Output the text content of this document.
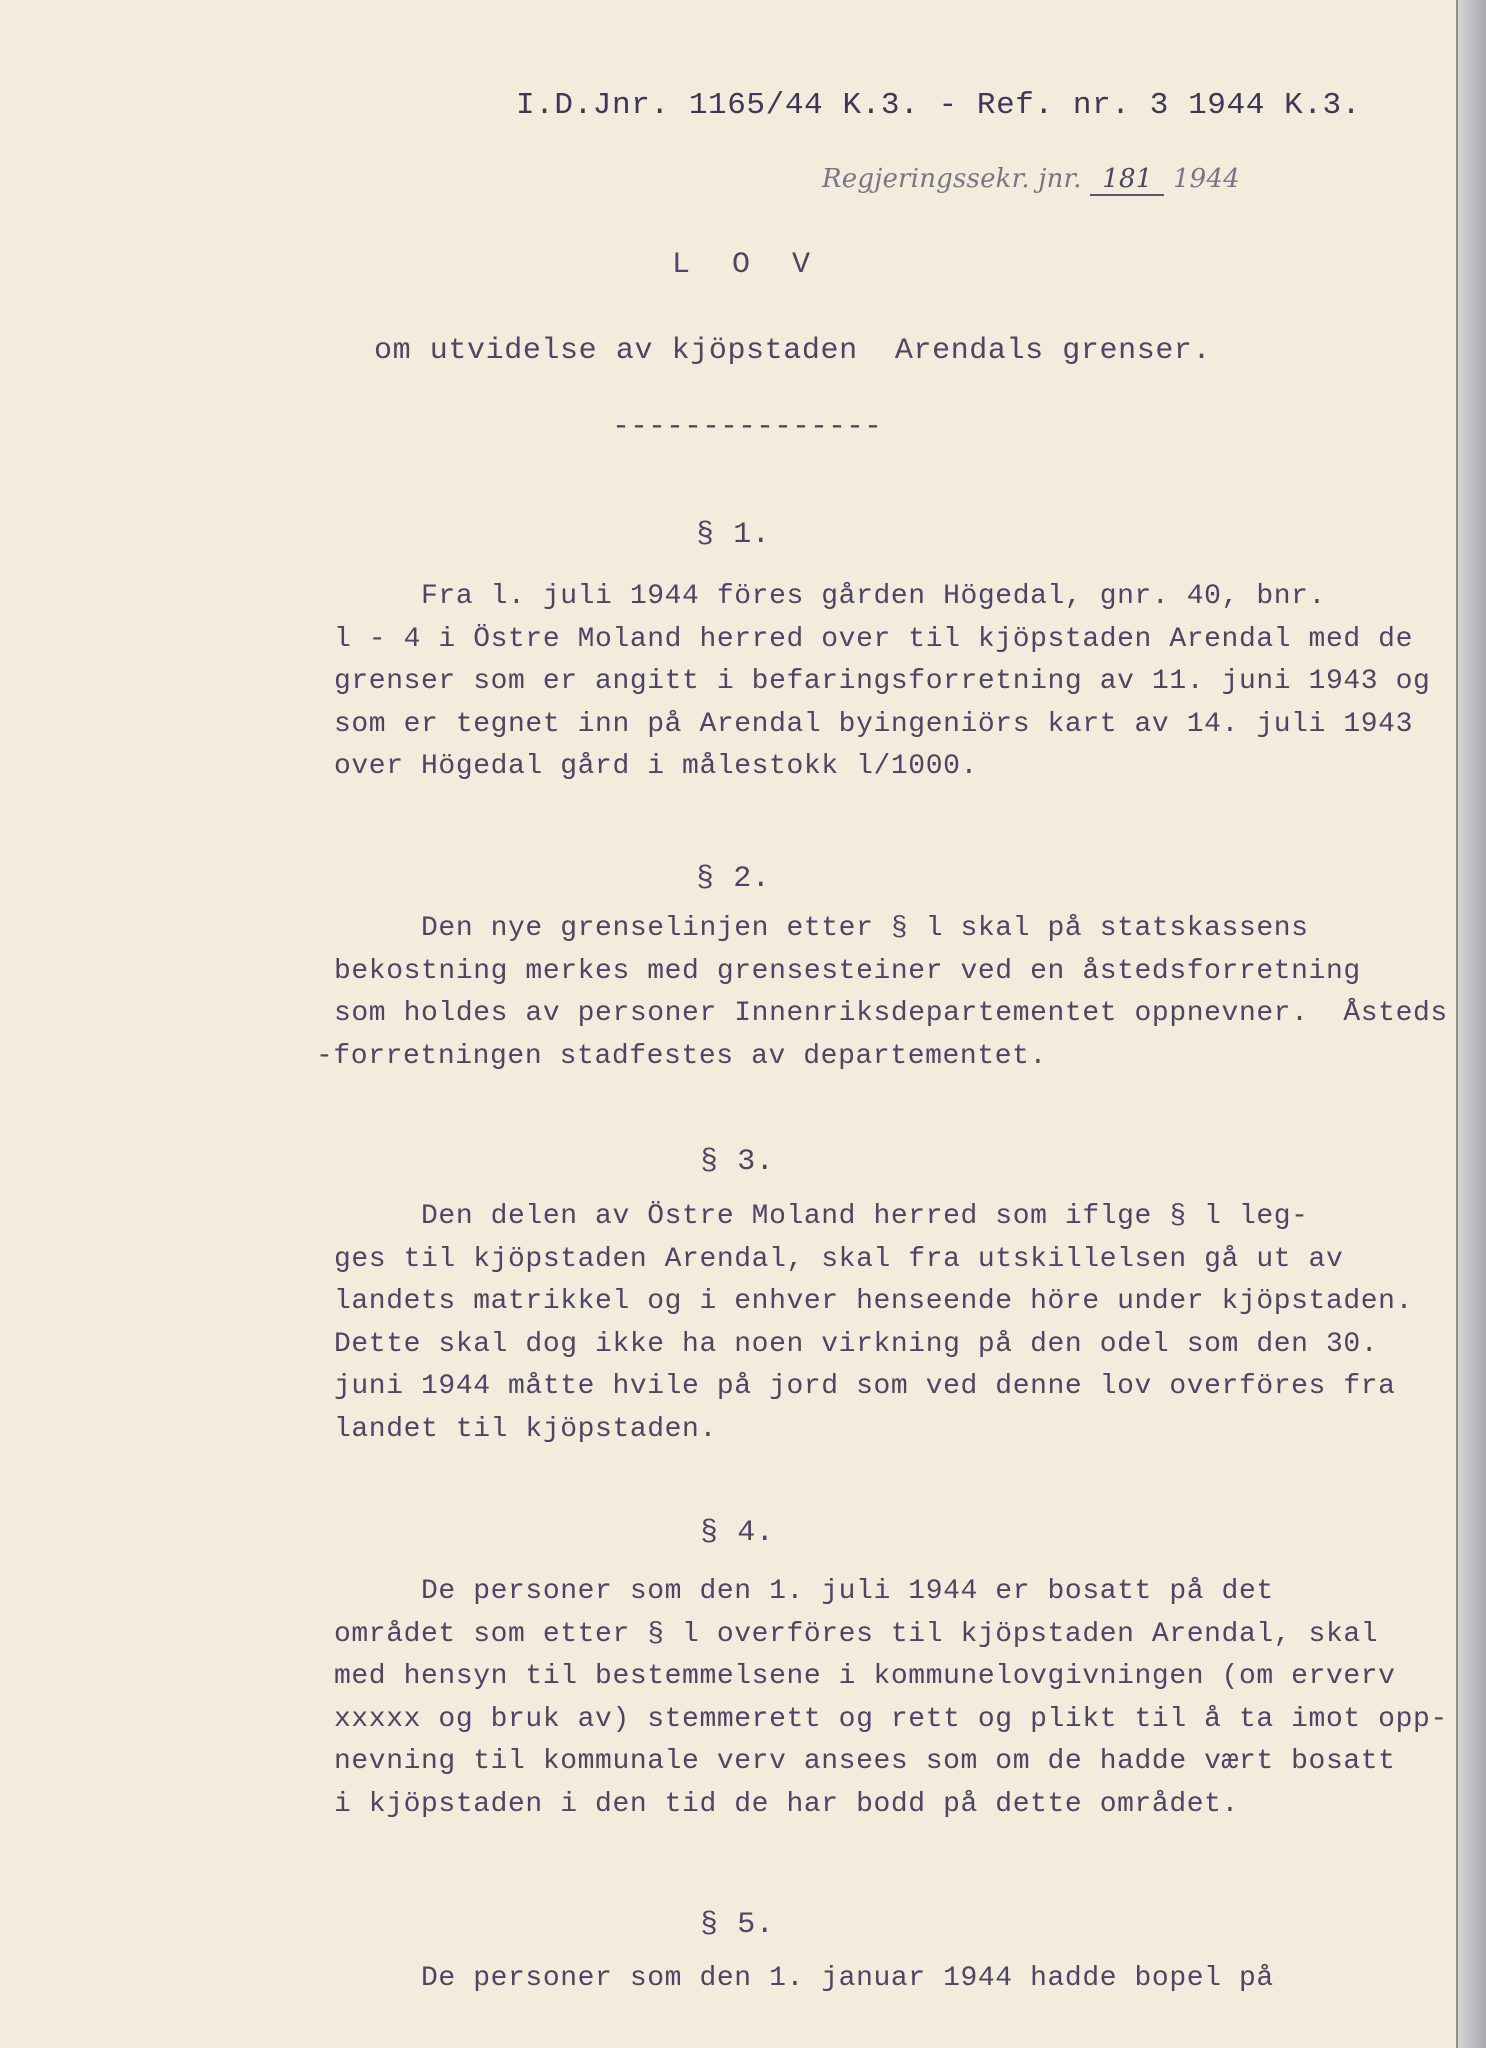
I.D.Jnr. 1165/44 K.3. - Ref. nr. 3 1944 K.3.
Regjeringssekr. jnr. 181 1944
L O V
om utvidelse av kjöpstaden  Arendals grenser.
---------------
§ 1.
Fra l. juli 1944 föres gården Högedal, gnr. 40, bnr.
l - 4 i Östre Moland herred over til kjöpstaden Arendal med de
grenser som er angitt i befaringsforretning av 11. juni 1943 og
som er tegnet inn på Arendal byingeniörs kart av 14. juli 1943
over Högedal gård i målestokk l/1000.
§ 2.
Den nye grenselinjen etter § l skal på statskassens
bekostning merkes med grensesteiner ved en åstedsforretning
som holdes av personer Innenriksdepartementet oppnevner.  Åsteds
-forretningen stadfestes av departementet.
§ 3.
Den delen av Östre Moland herred som iflge § l leg-
ges til kjöpstaden Arendal, skal fra utskillelsen gå ut av
landets matrikkel og i enhver henseende höre under kjöpstaden.
Dette skal dog ikke ha noen virkning på den odel som den 30.
juni 1944 måtte hvile på jord som ved denne lov overföres fra
landet til kjöpstaden.
§ 4.
De personer som den 1. juli 1944 er bosatt på det
området som etter § l overföres til kjöpstaden Arendal, skal
med hensyn til bestemmelsene i kommunelovgivningen (om erverv
xxxxx og bruk av) stemmerett og rett og plikt til å ta imot opp-
nevning til kommunale verv ansees som om de hadde vært bosatt
i kjöpstaden i den tid de har bodd på dette området.
§ 5.
De personer som den 1. januar 1944 hadde bopel på
